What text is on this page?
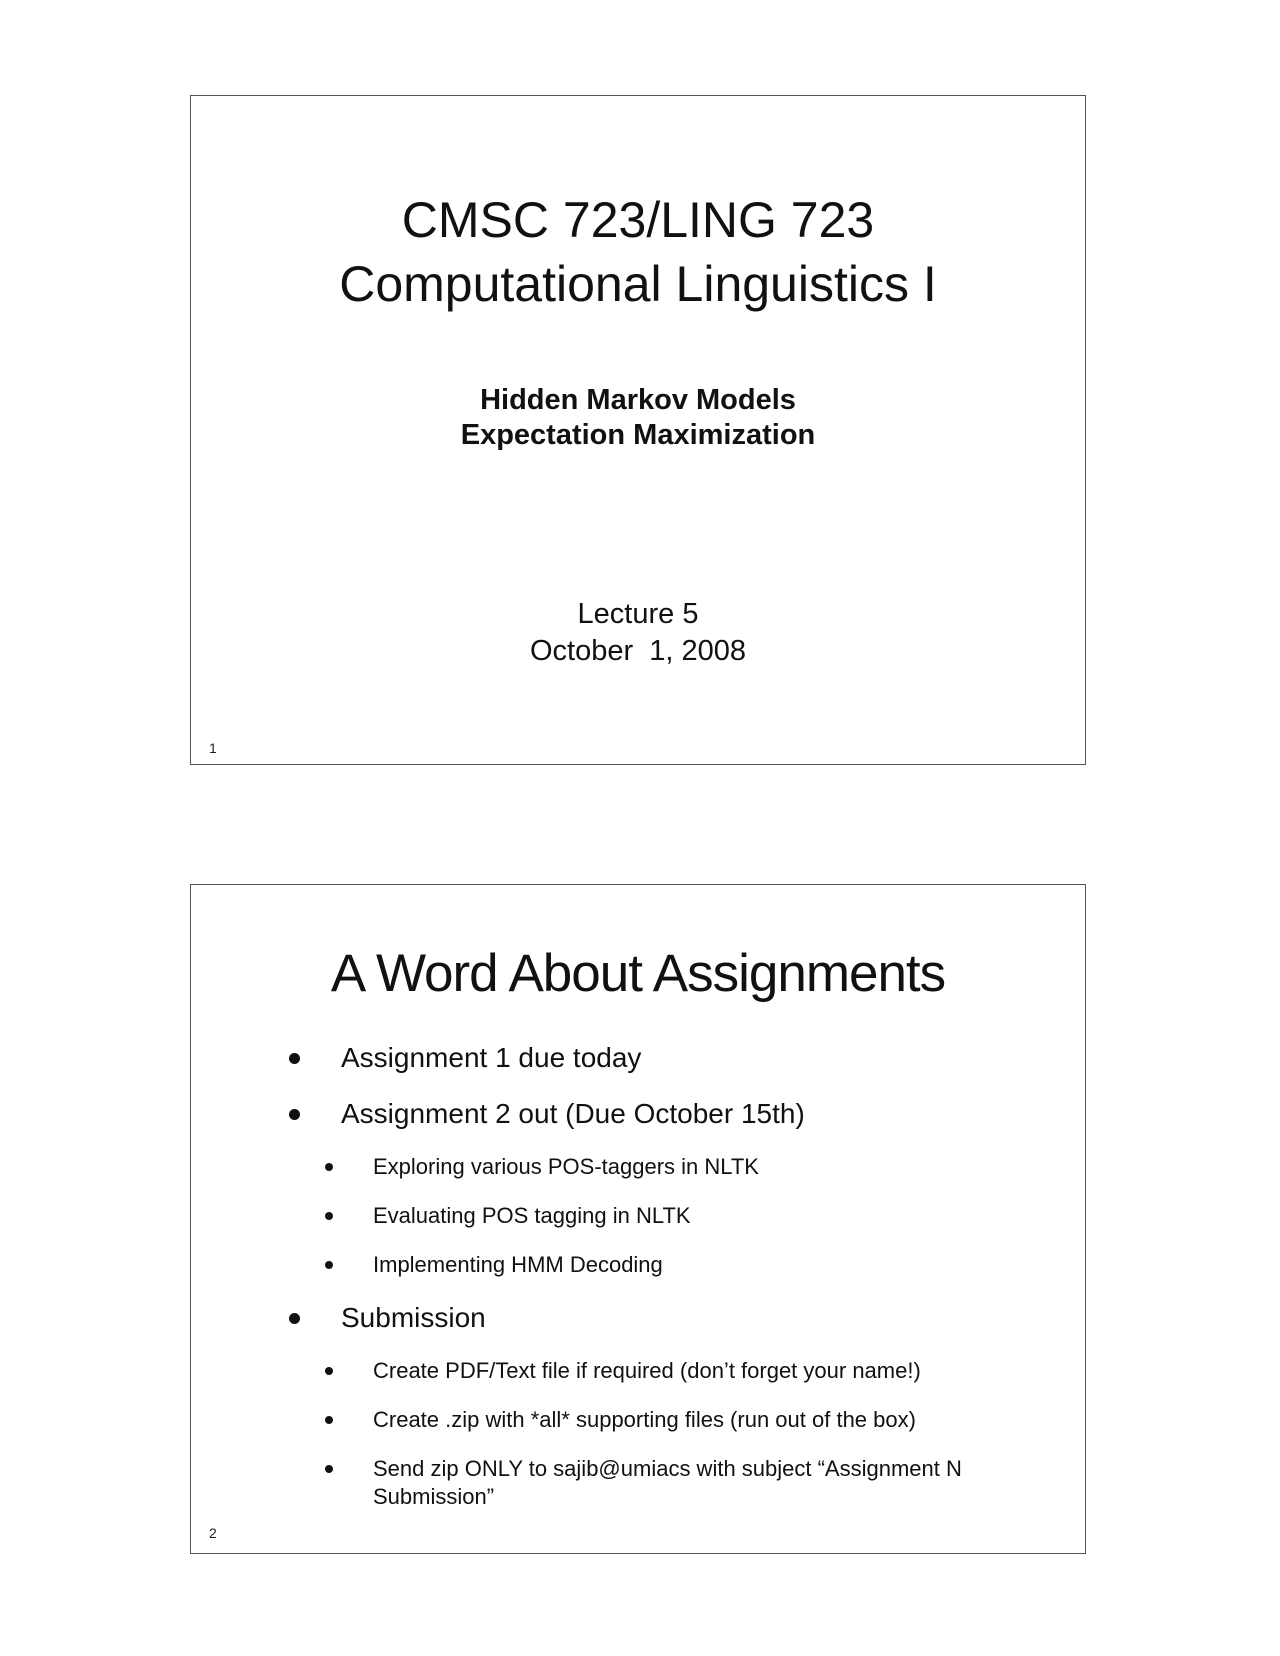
CMSC 723/LING 723
Computational Linguistics I
Hidden Markov Models
Expectation Maximization
Lecture 5
October  1, 2008
1
A Word About Assignments
Assignment 1 due today
Assignment 2 out (Due October 15th)
Exploring various POS-taggers in NLTK
Evaluating POS tagging in NLTK
Implementing HMM Decoding
Submission
Create PDF/Text file if required (don’t forget your name!)
Create .zip with *all* supporting files (run out of the box)
Send zip ONLY to sajib@umiacs with subject “Assignment N Submission”
2
